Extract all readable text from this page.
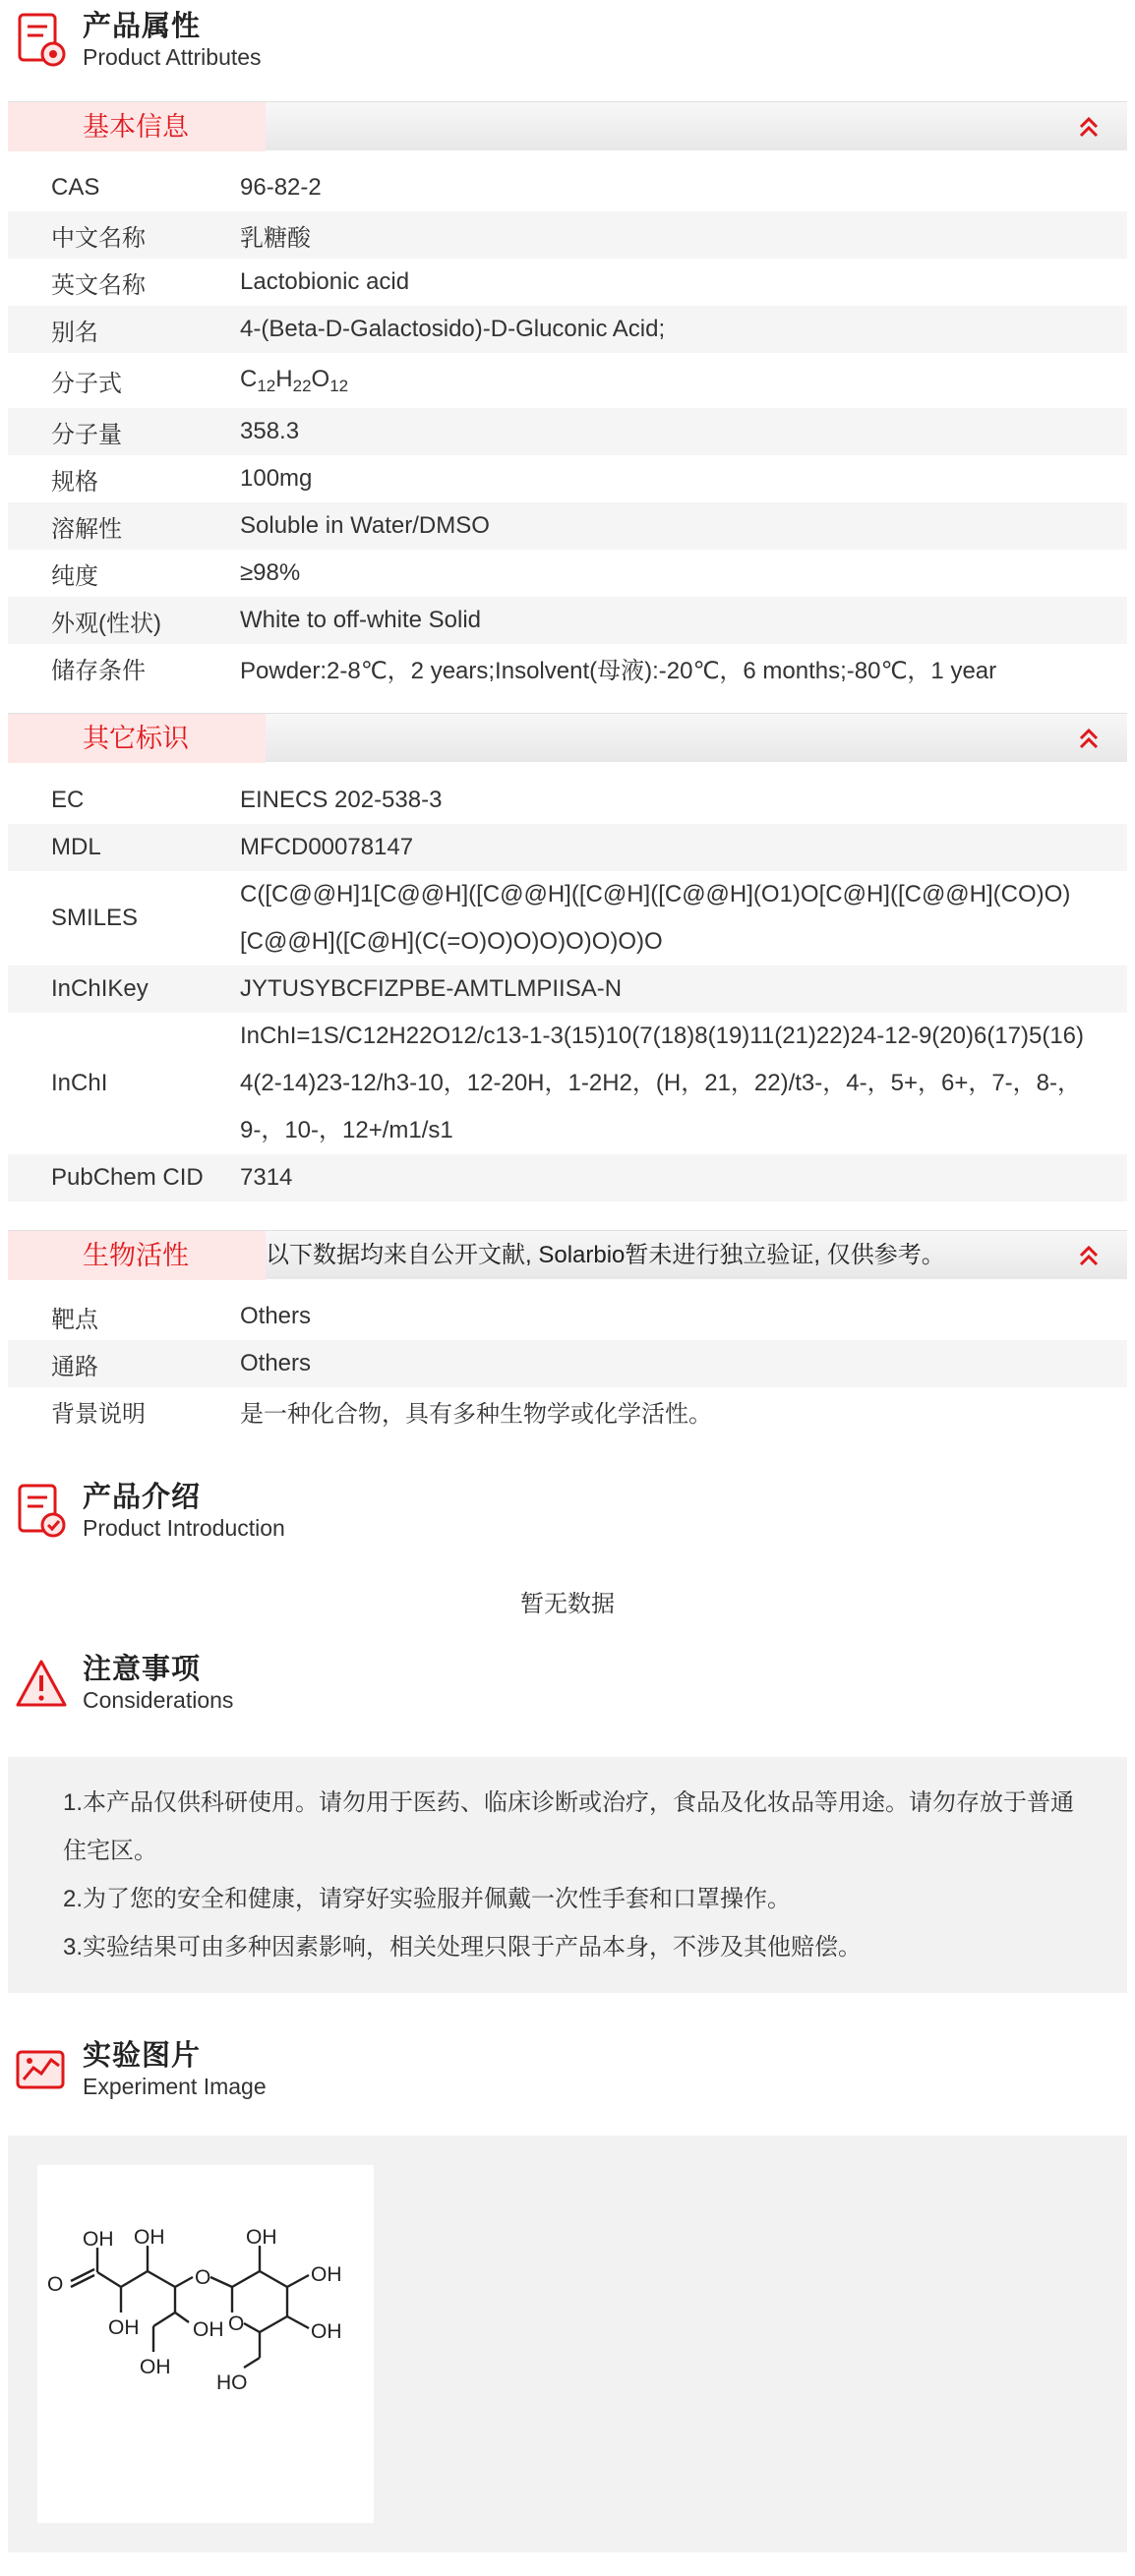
产品属性
Product Attributes
基本信息
CAS	96-82-2
中文名称	乳糖酸
英文名称	Lactobionic acid
别名	4-(Beta-D-Galactosido)-D-Gluconic Acid;
分子式	$C_{12}H_{22}O_{12}$
分子量	358.3
规格	100mg
溶解性	Soluble in Water/DMSO
纯度	≥98%
外观(性状)	White to off-white Solid
储存条件	Powder:2-8℃，2 years;Insolvent(母液):-20℃，6 months;-80℃，1 year
其它标识
EC	EINECS 202-538-3
MDL	MFCD00078147
SMILES
C([C@@H]1[C@@H]([C@@H]([C@H]([C@@H](O1)O[C@H]([C@@H](CO)O)[C@@H]([C@H](C(=O)O)O)O)O)O)O)O
InChIKey	JYTUSYBCFIZPBE-AMTLMPIISA-N
InChI
InChI=1S/C12H22O12/c13-1-3(15)10(7(18)8(19)11(21)22)24-12-9(20)6(17)5(16)4(2-14)23-12/h3-10，12-20H，1-2H2，(H，21，22)/t3-，4-，5+，6+，7-，8-，9-，10-，12+/m1/s1
PubChem CID	7314
生物活性	以下数据均来自公开文献, Solarbio暂未进行独立验证, 仅供参考。
靶点	Others
通路	Others
背景说明	是一种化合物，具有多种生物学或化学活性。
产品介绍
Product Introduction
暂无数据
注意事项
Considerations
1.本产品仅供科研使用。请勿用于医药、临床诊断或治疗，食品及化妆品等用途。请勿存放于普通住宅区。
2.为了您的安全和健康，请穿好实验服并佩戴一次性手套和口罩操作。
3.实验结果可由多种因素影响，相关处理只限于产品本身，不涉及其他赔偿。
实验图片
Experiment Image
OH OH
O
OH
O
OH
OH
O
OH
OH
OH
HO
